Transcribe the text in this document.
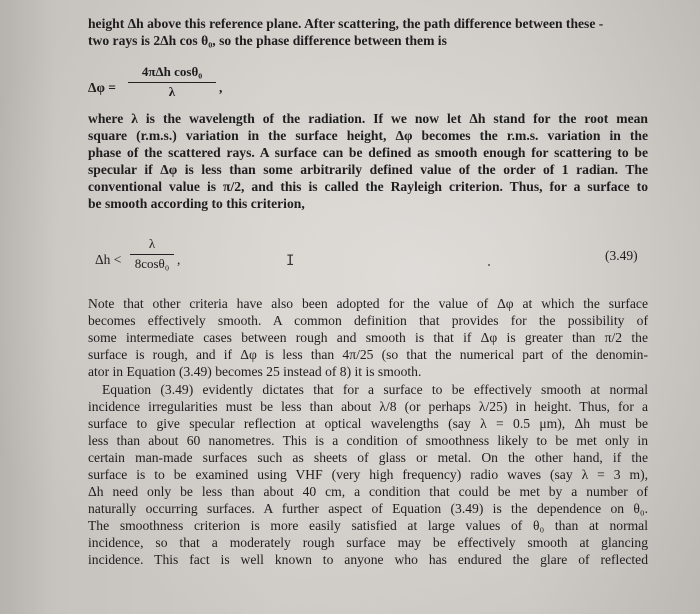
height Δh above this reference plane. After scattering, the path difference between these -
two rays is 2Δh cos θ₀, so the phase difference between them is
Δφ =
4πΔh cosθ₀
λ	,
where λ is the wavelength of the radiation. If we now let Δh stand for the root mean
square (r.m.s.) variation in the surface height, Δφ becomes the r.m.s. variation in the
phase of the scattered rays. A surface can be defined as smooth enough for scattering to be
specular if Δφ is less than some arbitrarily defined value of the order of 1 radian. The
conventional value is π/2, and this is called the Rayleigh criterion. Thus, for a surface to
be smooth according to this criterion,
Δh <
λ
8cosθ₀ ,	I	(3.49)
Note that other criteria have also been adopted for the value of Δφ at which the surface
becomes effectively smooth. A common definition that provides for the possibility of
some intermediate cases between rough and smooth is that if Δφ is greater than π/2 the
surface is rough, and if Δφ is less than 4π/25 (so that the numerical part of the denomin-
ator in Equation (3.49) becomes 25 instead of 8) it is smooth.
Equation (3.49) evidently dictates that for a surface to be effectively smooth at normal
incidence irregularities must be less than about λ/8 (or perhaps λ/25) in height. Thus, for a
surface to give specular reflection at optical wavelengths (say λ = 0.5 μm), Δh must be
less than about 60 nanometres. This is a condition of smoothness likely to be met only in
certain man-made surfaces such as sheets of glass or metal. On the other hand, if the
surface is to be examined using VHF (very high frequency) radio waves (say λ = 3 m),
Δh need only be less than about 40 cm, a condition that could be met by a number of
naturally occurring surfaces. A further aspect of Equation (3.49) is the dependence on θ₀.
The smoothness criterion is more easily satisfied at large values of θ₀ than at normal
incidence, so that a moderately rough surface may be effectively smooth at glancing
incidence. This fact is well known to anyone who has endured the glare of reflected
